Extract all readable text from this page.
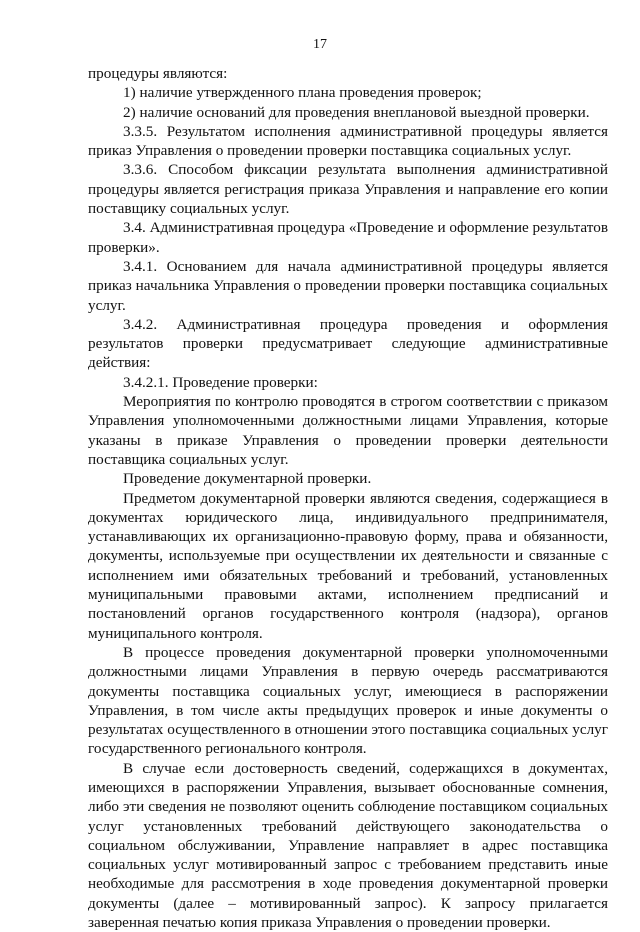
17

процедуры являются:

1) наличие утвержденного плана проведения проверок;

2) наличие оснований для проведения внеплановой выездной проверки.

3.3.5. Результатом исполнения административной процедуры является приказ Управления о проведении проверки поставщика социальных услуг.

3.3.6. Способом фиксации результата выполнения административной процедуры является регистрация приказа Управления и направление его копии поставщику социальных услуг.

3.4. Административная процедура «Проведение и оформление результатов проверки».

3.4.1. Основанием для начала административной процедуры является приказ начальника Управления о проведении проверки поставщика социальных услуг.

3.4.2. Административная процедура проведения и оформления результатов проверки предусматривает следующие административные действия:

3.4.2.1. Проведение проверки:

Мероприятия по контролю проводятся в строгом соответствии с приказом Управления уполномоченными должностными лицами Управления, которые указаны в приказе Управления о проведении проверки деятельности поставщика социальных услуг.

Проведение документарной проверки.

Предметом документарной проверки являются сведения, содержащиеся в документах юридического лица, индивидуального предпринимателя, устанавливающих их организационно-правовую форму, права и обязанности, документы, используемые при осуществлении их деятельности и связанные с исполнением ими обязательных требований и требований, установленных муниципальными правовыми актами, исполнением предписаний и постановлений органов государственного контроля (надзора), органов муниципального контроля.

В процессе проведения документарной проверки уполномоченными должностными лицами Управления в первую очередь рассматриваются документы поставщика социальных услуг, имеющиеся в распоряжении Управления, в том числе акты предыдущих проверок и иные документы о результатах осуществленного в отношении этого поставщика социальных услуг государственного регионального контроля.

В случае если достоверность сведений, содержащихся в документах, имеющихся в распоряжении Управления, вызывает обоснованные сомнения, либо эти сведения не позволяют оценить соблюдение поставщиком социальных услуг установленных требований действующего законодательства о социальном обслуживании, Управление направляет в адрес поставщика социальных услуг мотивированный запрос с требованием представить иные необходимые для рассмотрения в ходе проведения документарной проверки документы (далее – мотивированный запрос). К запросу прилагается заверенная печатью копия приказа Управления о проведении проверки.
